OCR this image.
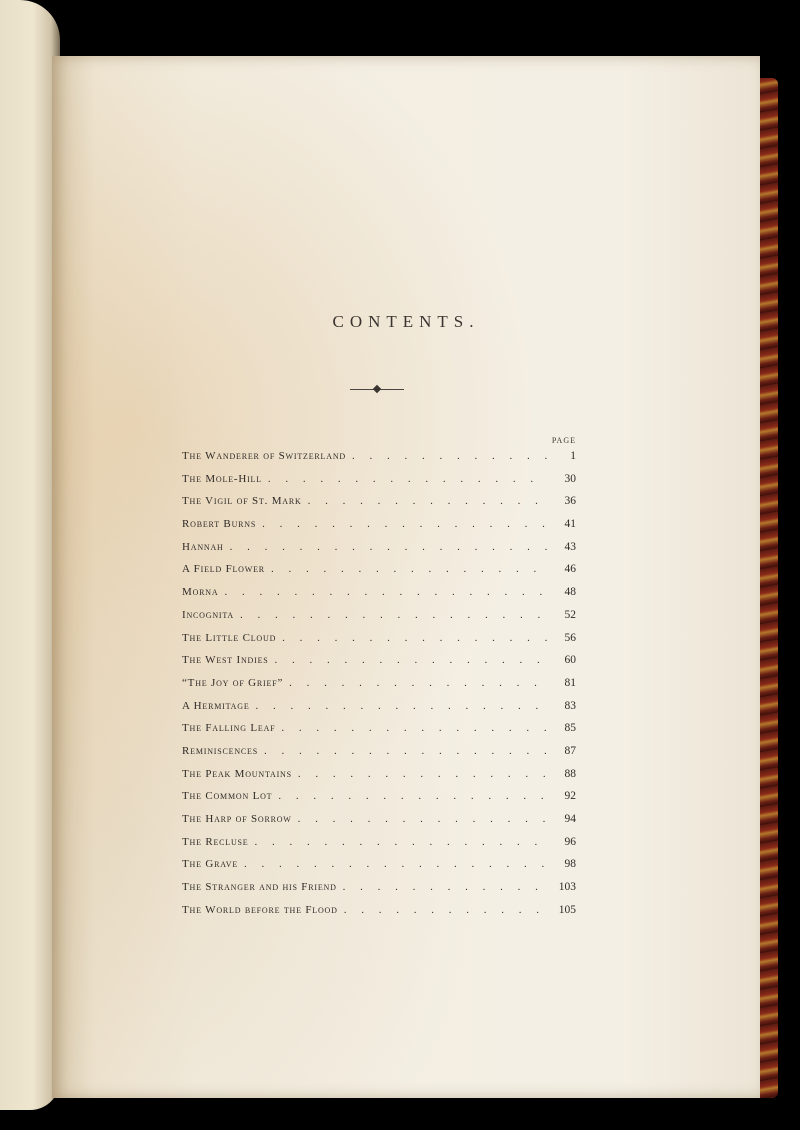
CONTENTS.
PAGE
The Wanderer of Switzerland . . .	1
The Mole-Hill . . .	30
The Vigil of St. Mark . . .	36
Robert Burns . . .	41
Hannah . . .	43
A Field Flower . . .	46
Morna . . .	48
Incognita . . .	52
The Little Cloud . . .	56
The West Indies . . .	60
“The Joy of Grief” . . .	81
A Hermitage . . .	83
The Falling Leaf . . .	85
Reminiscences . . .	87
The Peak Mountains . . .	88
The Common Lot . . .	92
The Harp of Sorrow . . .	94
The Recluse . . .	96
The Grave . . .	98
The Stranger and his Friend . . .	103
The World before the Flood . . .	105
